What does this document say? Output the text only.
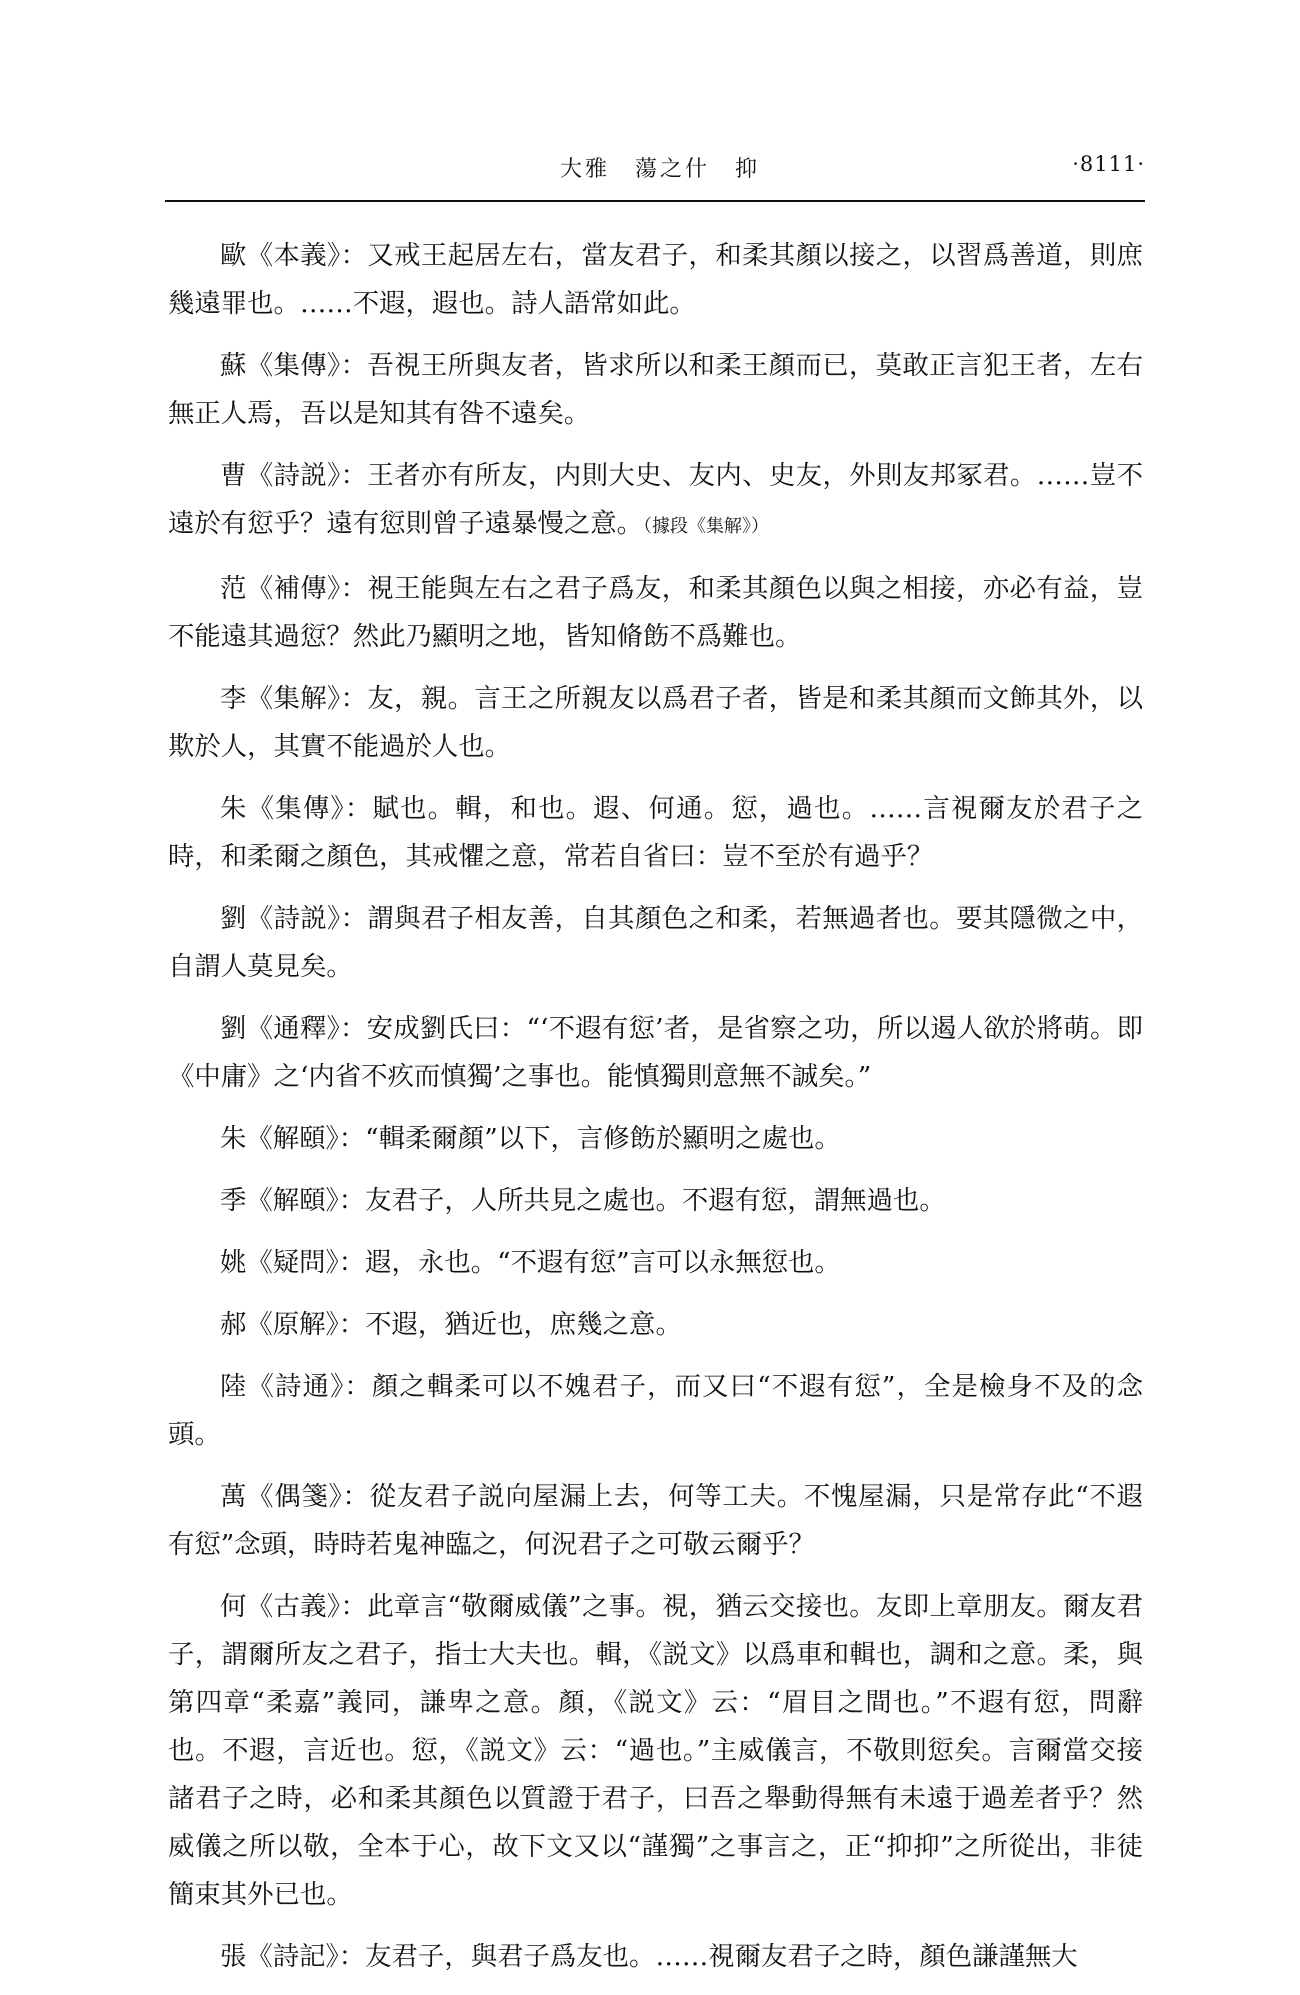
大雅　蕩之什　抑	·8111·

歐《本義》：又戒王起居左右，當友君子，和柔其顏以接之，以習爲善道，則庶幾遠罪也。……不遐，遐也。詩人語常如此。

蘇《集傳》：吾視王所與友者，皆求所以和柔王顏而已，莫敢正言犯王者，左右無正人焉，吾以是知其有咎不遠矣。

曹《詩説》：王者亦有所友，内則大史、友内、史友，外則友邦冢君。……豈不遠於有愆乎？遠有愆則曾子遠暴慢之意。（據段《集解》）

范《補傳》：視王能與左右之君子爲友，和柔其顏色以與之相接，亦必有益，豈不能遠其過愆？然此乃顯明之地，皆知脩飭不爲難也。

李《集解》：友，親。言王之所親友以爲君子者，皆是和柔其顏而文飾其外，以欺於人，其實不能過於人也。

朱《集傳》：賦也。輯，和也。遐、何通。愆，過也。……言視爾友於君子之時，和柔爾之顏色，其戒懼之意，常若自省曰：豈不至於有過乎？

劉《詩説》：謂與君子相友善，自其顏色之和柔，若無過者也。要其隱微之中，自謂人莫見矣。

劉《通釋》：安成劉氏曰：“‘不遐有愆’者，是省察之功，所以遏人欲於將萌。即《中庸》之‘内省不疚而慎獨’之事也。能慎獨則意無不誠矣。”

朱《解頤》：“輯柔爾顏”以下，言修飭於顯明之處也。

季《解頤》：友君子，人所共見之處也。不遐有愆，謂無過也。

姚《疑問》：遐，永也。“不遐有愆”言可以永無愆也。

郝《原解》：不遐，猶近也，庶幾之意。

陸《詩通》：顏之輯柔可以不媿君子，而又曰“不遐有愆”，全是檢身不及的念頭。

萬《偶箋》：從友君子説向屋漏上去，何等工夫。不愧屋漏，只是常存此“不遐有愆”念頭，時時若鬼神臨之，何況君子之可敬云爾乎？

何《古義》：此章言“敬爾威儀”之事。視，猶云交接也。友即上章朋友。爾友君子，謂爾所友之君子，指士大夫也。輯，《説文》以爲車和輯也，調和之意。柔，與第四章“柔嘉”義同，謙卑之意。顏，《説文》云：“眉目之間也。”不遐有愆，問辭也。不遐，言近也。愆，《説文》云：“過也。”主威儀言，不敬則愆矣。言爾當交接諸君子之時，必和柔其顏色以質證于君子，曰吾之舉動得無有未遠于過差者乎？然威儀之所以敬，全本于心，故下文又以“謹獨”之事言之，正“抑抑”之所從出，非徒簡束其外已也。

張《詩記》：友君子，與君子爲友也。……視爾友君子之時，顏色謙謹無大
